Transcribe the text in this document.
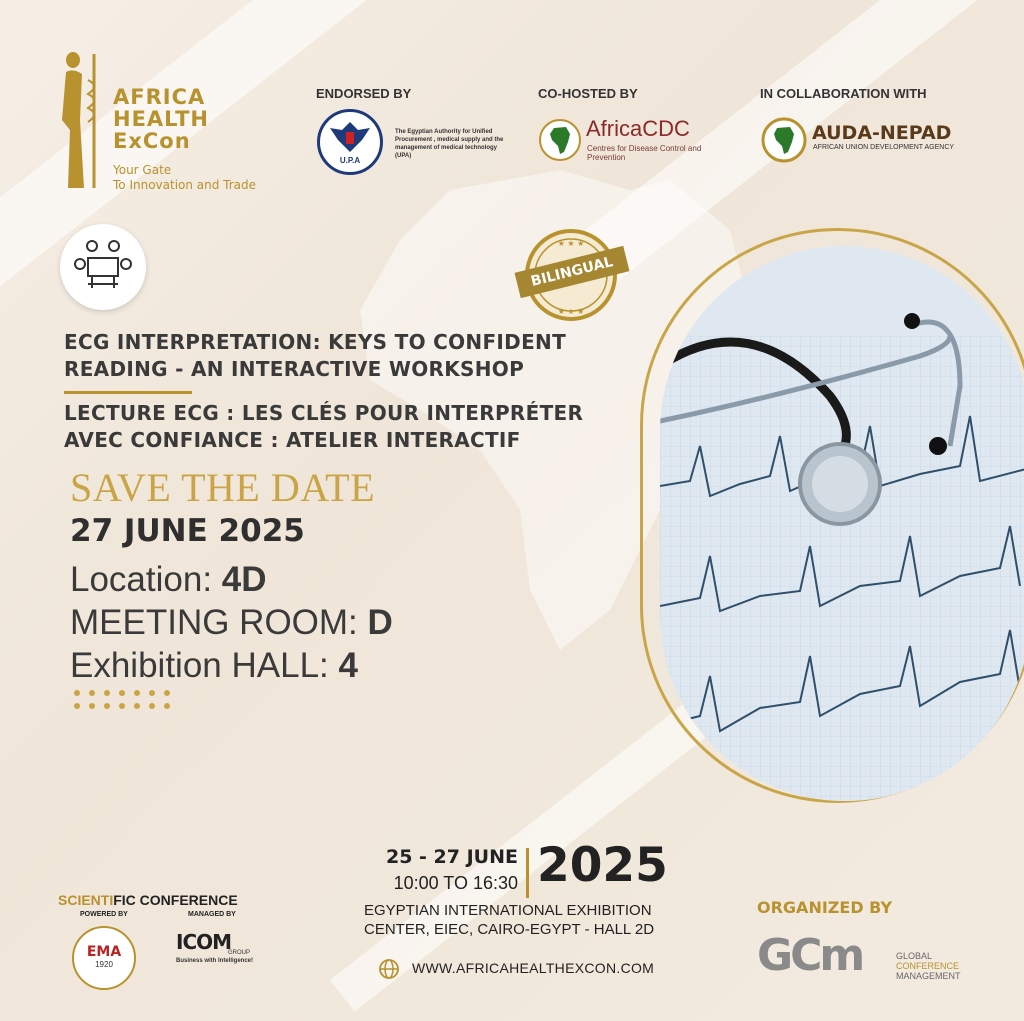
AFRICA
HEALTH
ExCon
Your Gate
To Innovation and Trade
ENDORSED BY
U.P.A
The Egyptian Authority for Unified Procurement , medical supply and the management of medical technology (UPA)
CO-HOSTED BY
AfricaCDC
Centres for Disease Control and Prevention
IN COLLABORATION WITH
AUDA-NEPAD
AFRICAN UNION DEVELOPMENT AGENCY
★ ★ ★
★ ★ ★
BILINGUAL
ECG INTERPRETATION: KEYS TO CONFIDENT
READING - AN INTERACTIVE WORKSHOP
LECTURE ECG : LES CLÉS POUR INTERPRÉTER
AVEC CONFIANCE : ATELIER INTERACTIF
SAVE THE DATE
27 JUNE 2025
Location: 4D
MEETING ROOM: D
Exhibition HALL: 4
SCIENTIFIC CONFERENCE
POWERED BY	MANAGED BY
EMA
1920
ICOM
GROUP
Business with Intelligence!
25 - 27 JUNE
10:00 TO 16:30 2025
EGYPTIAN INTERNATIONAL EXHIBITION
CENTER, EIEC, CAIRO-EGYPT - HALL 2D
WWW.AFRICAHEALTHEXCON.COM
ORGANIZED BY
GCm	GLOBAL
CONFERENCE
MANAGEMENT
